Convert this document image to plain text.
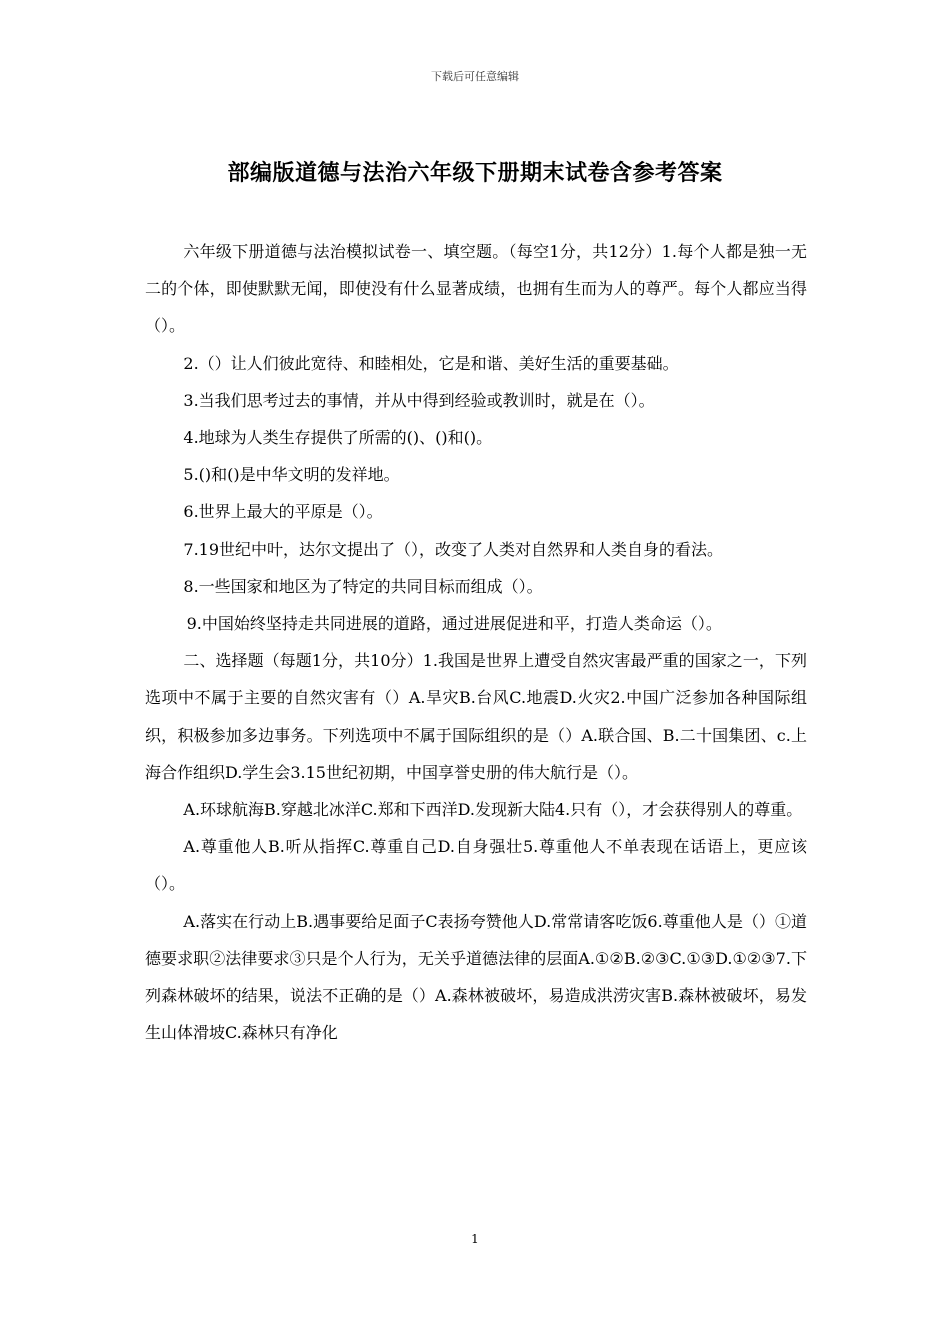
下载后可任意编辑
部编版道德与法治六年级下册期末试卷含参考答案

六年级下册道德与法治模拟试卷一、填空题。（每空1分，共12分）1.每个人都是独一无二的个体，即使默默无闻，即使没有什么显著成绩，也拥有生而为人的尊严。每个人都应当得（）。

2.（）让人们彼此宽待、和睦相处，它是和谐、美好生活的重要基础。

3.当我们思考过去的事情，并从中得到经验或教训时，就是在（）。

4.地球为人类生存提供了所需的()、()和()。

5.()和()是中华文明的发祥地。

6.世界上最大的平原是（）。

7.19世纪中叶，达尔文提出了（），改变了人类对自然界和人类自身的看法。

8.一些国家和地区为了特定的共同目标而组成（）。

9.中国始终坚持走共同进展的道路，通过进展促进和平，打造人类命运（）。

二、选择题（每题1分，共10分）1.我国是世界上遭受自然灾害最严重的国家之一，下列选项中不属于主要的自然灾害有（）A.旱灾B.台风C.地震D.火灾2.中国广泛参加各种国际组织，积极参加多边事务。下列选项中不属于国际组织的是（）A.联合国、B.二十国集团、c.上海合作组织D.学生会3.15世纪初期，中国享誉史册的伟大航行是（）。

A.环球航海B.穿越北冰洋C.郑和下西洋D.发现新大陆4.只有（），才会获得别人的尊重。

A.尊重他人B.听从指挥C.尊重自己D.自身强壮5.尊重他人不单表现在话语上，更应该（）。

A.落实在行动上B.遇事要给足面子C表扬夸赞他人D.常常请客吃饭6.尊重他人是（）①道德要求职②法律要求③只是个人行为，无关乎道德法律的层面A.①②B.②③C.①③D.①②③7.下列森林破坏的结果，说法不正确的是（）A.森林被破坏，易造成洪涝灾害B.森林被破坏，易发生山体滑坡C.森林只有净化

1
